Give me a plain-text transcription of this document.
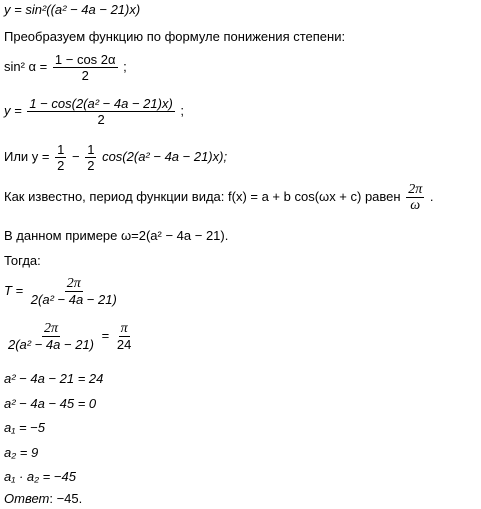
y = sin²((a² − 4a − 21)x)
Преобразуем функцию по формуле понижения степени:
sin² $\alpha = \frac{1 - \cos 2\alpha}{2}$ ;
$y = \frac{\text{1 − cos(2(a² − 4a − 21)x)}}{2}$ ;
Или $y = \frac{1}{2} - \frac{1}{2} \cos(2(a^2 - 4a - 21)x)$;
Как известно, период функции вида: f(x) = a + b cos(ωx + c) равен $\frac{2\pi}{\omega}$ .
В данном примере ω=2(a² − 4a − 21).
Тогда:
$T = \frac{2\pi}{\text{2(a² − 4a − 21)}}$
$\frac{2\pi}{\text{2(a² − 4a − 21)}} = \frac{\pi}{24}$
a² − 4a − 21 = 24
a² − 4a − 45 = 0
a₁ = −5
a₂ = 9
a₁ · a₂ = −45
Ответ: −45.
